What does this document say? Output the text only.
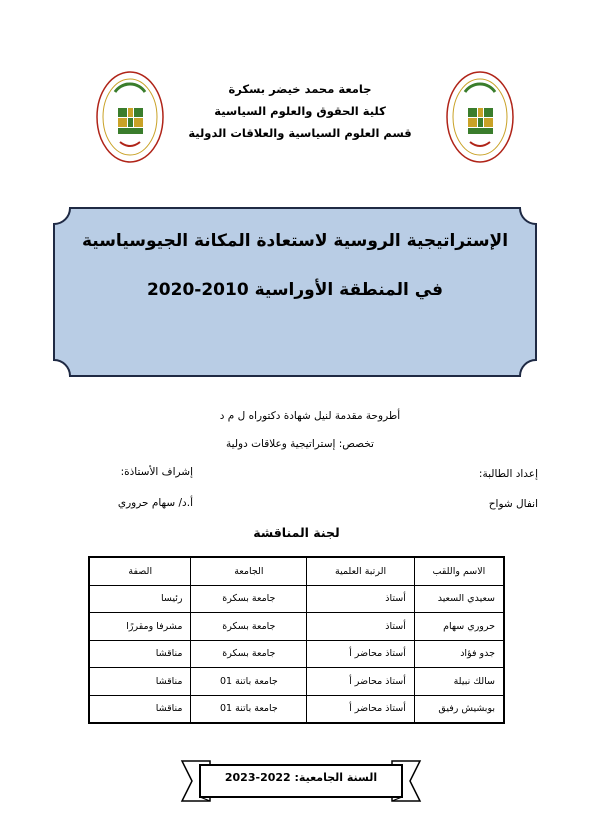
جامعة محمد خيضر بسكرة
كلية الحقوق والعلوم السياسية
قسم العلوم السياسية والعلاقات الدولية
الإستراتيجية الروسية لاستعادة المكانة الجيوسياسية
في المنطقة الأوراسية 2010-2020
أطروحة مقدمة لنيل شهادة دكتوراه ل م د
تخصص: إستراتيجية وعلاقات دولية
إعداد الطالبة:
انفال شواح
إشراف الأستاذة:
أ.د/ سهام حروري
لجنة المناقشة
الاسم واللقب	الرتبة العلمية	الجامعة	الصفة
سعيدي السعيد	أستاذ	جامعة بسكرة	رئيسا
حروري سهام	أستاذ	جامعة بسكرة	مشرفا ومقررًا
جدو فؤاد	أستاذ محاضر أ	جامعة بسكرة	مناقشا
سالك نبيلة	أستاذ محاضر أ	جامعة باتنة 01	مناقشا
بوبشيش رفيق	أستاذ محاضر أ	جامعة باتنة 01	مناقشا
السنة الجامعية: 2022-2023
